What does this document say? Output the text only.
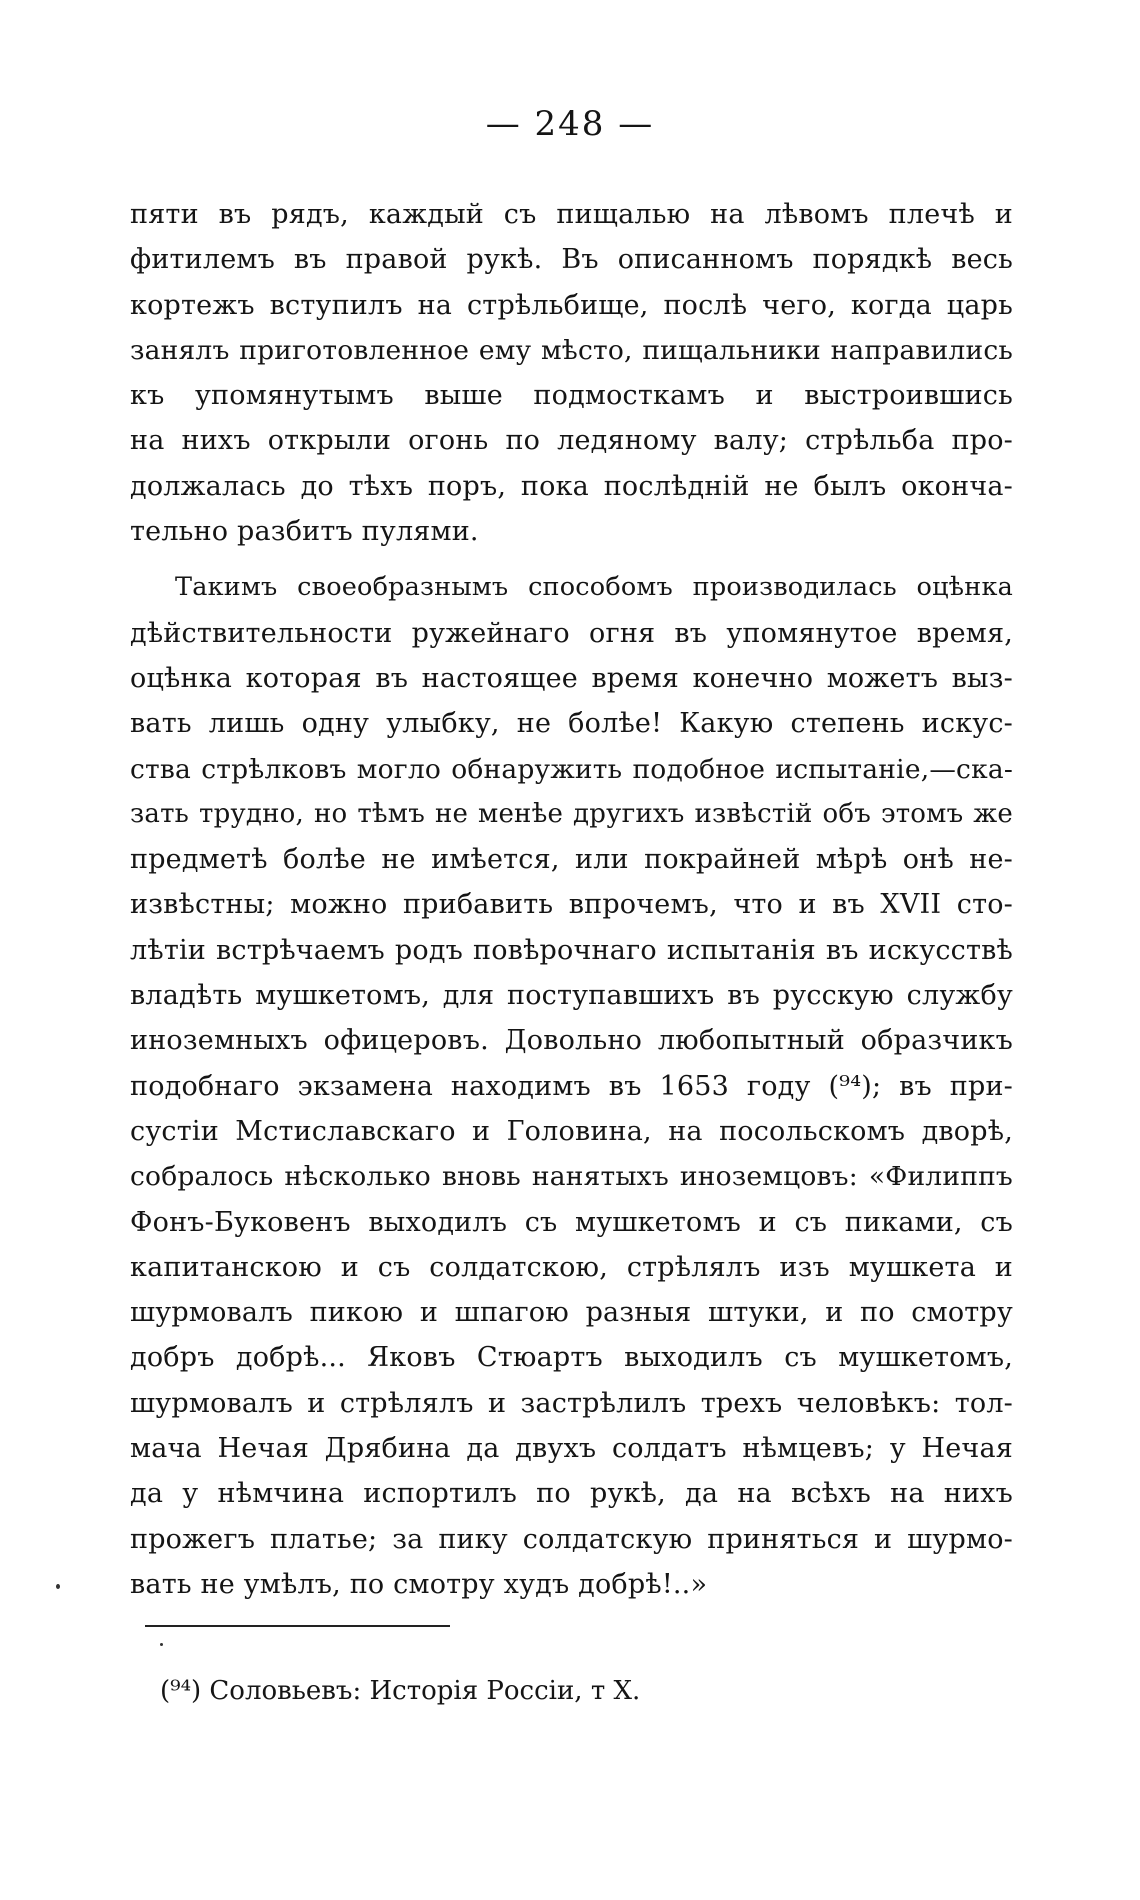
— 248 —
пяти въ рядъ, каждый съ пищалью на лѣвомъ плечѣ и
фитилемъ въ правой рукѣ. Въ описанномъ порядкѣ весь
кортежъ вступилъ на стрѣльбище, послѣ чего, когда царь
занялъ приготовленное ему мѣсто, пищальники направились
къ упомянутымъ выше подмосткамъ и выстроившись
на нихъ открыли огонь по ледяному валу; стрѣльба про-
должалась до тѣхъ поръ, пока послѣдній не былъ оконча-
тельно разбитъ пулями.
Такимъ своеобразнымъ способомъ производилась оцѣнка
дѣйствительности ружейнаго огня въ упомянутое время,
оцѣнка которая въ настоящее время конечно можетъ выз-
вать лишь одну улыбку, не болѣе! Какую степень искус-
ства стрѣлковъ могло обнаружить подобное испытаніе,—ска-
зать трудно, но тѣмъ не менѣе другихъ извѣстій объ этомъ же
предметѣ болѣе не имѣется, или покрайней мѣрѣ онѣ не-
извѣстны; можно прибавить впрочемъ, что и въ XVII сто-
лѣтіи встрѣчаемъ родъ повѣрочнаго испытанія въ искусствѣ
владѣть мушкетомъ, для поступавшихъ въ русскую службу
иноземныхъ офицеровъ. Довольно любопытный образчикъ
подобнаго экзамена находимъ въ 1653 году (⁹⁴); въ при-
сустіи Мстиславскаго и Головина, на посольскомъ дворѣ,
собралось нѣсколько вновь нанятыхъ иноземцовъ: «Филиппъ
Фонъ-Буковенъ выходилъ съ мушкетомъ и съ пиками, съ
капитанскою и съ солдатскою, стрѣлялъ изъ мушкета и
шурмовалъ пикою и шпагою разныя штуки, и по смотру
добръ добрѣ... Яковъ Стюартъ выходилъ съ мушкетомъ,
шурмовалъ и стрѣлялъ и застрѣлилъ трехъ человѣкъ: тол-
мача Нечая Дрябина да двухъ солдатъ нѣмцевъ; у Нечая
да у нѣмчина испортилъ по рукѣ, да на всѣхъ на нихъ
прожегъ платье; за пику солдатскую приняться и шурмо-
вать не умѣлъ, по смотру худъ добрѣ!..»
(⁹⁴) Соловьевъ: Исторія Россіи, т Х.
